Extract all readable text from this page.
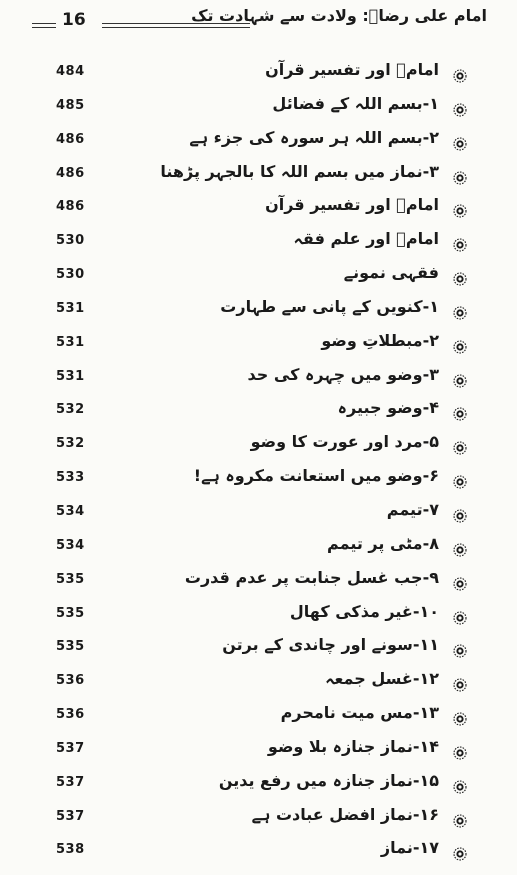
16	امام علی رضاؑ: ولادت سے شہادت تک
484	امامؑ اور تفسیر قرآن
485	۱-بسم اللہ کے فضائل
486	۲-بسم اللہ ہر سورہ کی جزء ہے
486	۳-نماز میں بسم اللہ کا بالجہر پڑھنا
486	امامؑ اور تفسیر قرآن
530	امامؑ اور علم فقہ
530	فقہی نمونے
531	۱-کنویں کے پانی سے طہارت
531	۲-مبطلاتِ وضو
531	۳-وضو میں چہرہ کی حد
532	۴-وضو جبیرہ
532	۵-مرد اور عورت کا وضو
533	۶-وضو میں استعانت مکروہ ہے!
534	۷-تیمم
534	۸-مٹی پر تیمم
535	۹-جب غسل جنابت پر عدم قدرت
535	۱۰-غیر مذکی کھال
535	۱۱-سونے اور چاندی کے برتن
536	۱۲-غسل جمعہ
536	۱۳-مس میت نامحرم
537	۱۴-نماز جنازہ بلا وضو
537	۱۵-نماز جنازہ میں رفع یدین
537	۱۶-نماز افضل عبادت ہے
538	۱۷-نماز
